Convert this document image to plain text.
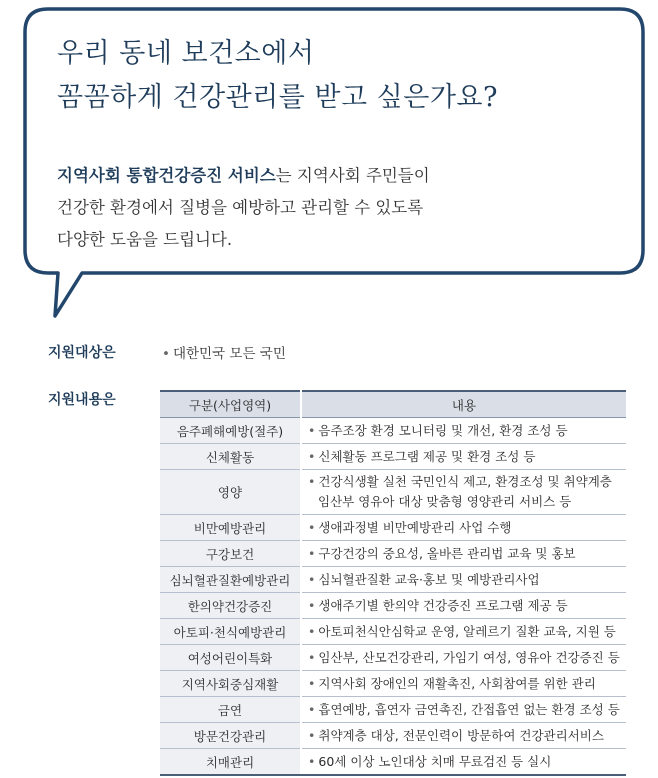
우리 동네 보건소에서
꼼꼼하게 건강관리를 받고 싶은가요?

지역사회 통합건강증진 서비스는 지역사회 주민들이
건강한 환경에서 질병을 예방하고 관리할 수 있도록
다양한 도움을 드립니다.

지원대상은	• 대한민국 모든 국민
지원내용은	구분(사업영역)	내용
음주폐해예방(절주)	• 음주조장 환경 모니터링 및 개선, 환경 조성 등

신체활동	• 신체활동 프로그램 제공 및 환경 조성 등

영양	• 건강식생활 실천 국민인식 제고, 환경조성 및 취약계층
임산부 영유아 대상 맞춤형 영양관리 서비스 등

비만예방관리	• 생애과정별 비만예방관리 사업 수행

구강보건	• 구강건강의 중요성, 올바른 관리법 교육 및 홍보

심뇌혈관질환예방관리	• 심뇌혈관질환 교육·홍보 및 예방관리사업

한의약건강증진	• 생애주기별 한의약 건강증진 프로그램 제공 등

아토피·천식예방관리	• 아토피천식안심학교 운영, 알레르기 질환 교육, 지원 등

여성어린이특화	• 임산부, 산모건강관리, 가임기 여성, 영유아 건강증진 등

지역사회중심재활	• 지역사회 장애인의 재활촉진, 사회참여를 위한 관리

금연	• 흡연예방, 흡연자 금연촉진, 간접흡연 없는 환경 조성 등

방문건강관리	• 취약계층 대상, 전문인력이 방문하여 건강관리서비스

치매관리	• 60세 이상 노인대상 치매 무료검진 등 실시
